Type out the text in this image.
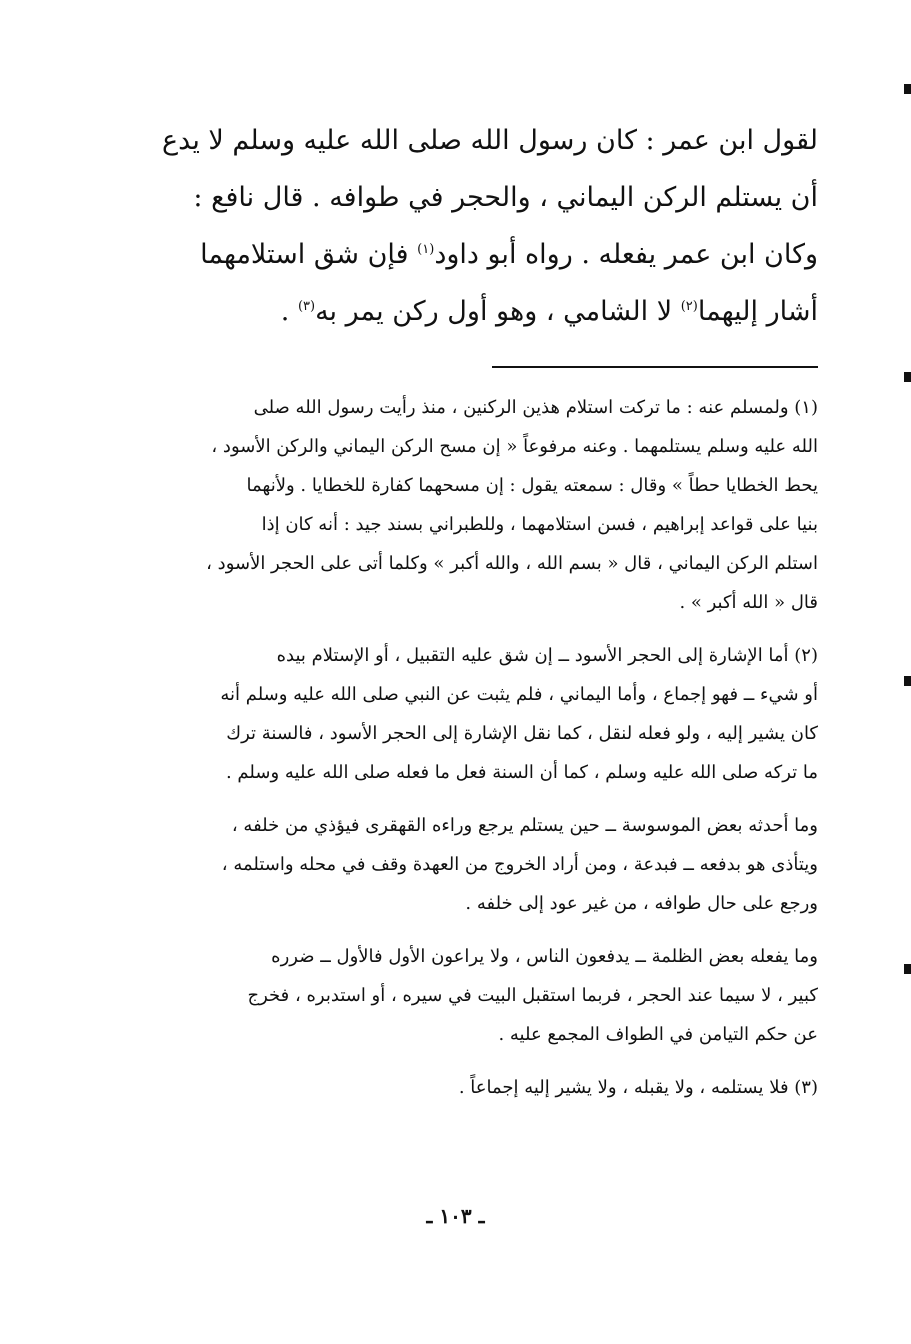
لقول ابن عمر : كان رسول الله صلى الله عليه وسلم لا يدع
أن يستلم الركن اليماني ، والحجر في طوافه . قال نافع :
وكان ابن عمر يفعله . رواه أبو داود$^{(١)}$ فإن شق استلامهما
أشار إليهما$^{(٢)}$ لا الشامي ، وهو أول ركن يمر به$^{(٣)}$ .
(١) ولمسلم عنه : ما تركت استلام هذين الركنين ، منذ رأيت رسول الله صلى
الله عليه وسلم يستلمهما . وعنه مرفوعاً « إن مسح الركن اليماني والركن الأسود ،
يحط الخطايا حطاً » وقال : سمعته يقول : إن مسحهما كفارة للخطايا . ولأنهما
بنيا على قواعد إبراهيم ، فسن استلامهما ، وللطبراني بسند جيد : أنه كان إذا
استلم الركن اليماني ، قال « بسم الله ، والله أكبر » وكلما أتى على الحجر الأسود ،
قال « الله أكبر » .
(٢) أما الإشارة إلى الحجر الأسود ــ إن شق عليه التقبيل ، أو الإستلام بيده
أو شيء ــ فهو إجماع ، وأما اليماني ، فلم يثبت عن النبي صلى الله عليه وسلم أنه
كان يشير إليه ، ولو فعله لنقل ، كما نقل الإشارة إلى الحجر الأسود ، فالسنة ترك
ما تركه صلى الله عليه وسلم ، كما أن السنة فعل ما فعله صلى الله عليه وسلم .
وما أحدثه بعض الموسوسة ــ حين يستلم يرجع وراءه القهقرى فيؤذي من خلفه ،
ويتأذى هو بدفعه ــ فبدعة ، ومن أراد الخروج من العهدة وقف في محله واستلمه ،
ورجع على حال طوافه ، من غير عود إلى خلفه .
وما يفعله بعض الظلمة ــ يدفعون الناس ، ولا يراعون الأول فالأول ــ ضرره
كبير ، لا سيما عند الحجر ، فربما استقبل البيت في سيره ، أو استدبره ، فخرج
عن حكم التيامن في الطواف المجمع عليه .
(٣) فلا يستلمه ، ولا يقبله ، ولا يشير إليه إجماعاً .
ـ ١٠٣ ـ
